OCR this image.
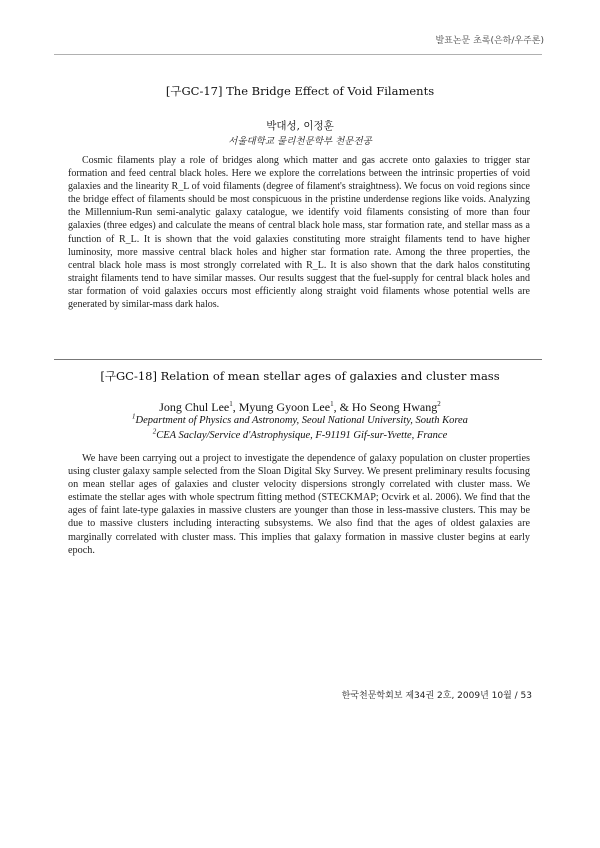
발표논문 초록(은하/우주론)
[구GC-17] The Bridge Effect of Void Filaments
박대성, 이정훈
서울대학교 물리천문학부 천문전공

Cosmic filaments play a role of bridges along which matter and gas accrete onto galaxies to trigger star formation and feed central black holes. Here we explore the correlations between the intrinsic properties of void galaxies and the linearity R_L of void filaments (degree of filament's straightness). We focus on void regions since the bridge effect of filaments should be most conspicuous in the pristine underdense regions like voids. Analyzing the Millennium-Run semi-analytic galaxy catalogue, we identify void filaments consisting of more than four galaxies (three edges) and calculate the means of central black hole mass, star formation rate, and stellar mass as a function of R_L. It is shown that the void galaxies constituting more straight filaments tend to have higher luminosity, more massive central black holes and higher star formation rate. Among the three properties, the central black hole mass is most strongly correlated with R_L. It is also shown that the dark halos constituting straight filaments tend to have similar masses. Our results suggest that the fuel-supply for central black holes and star formation of void galaxies occurs most efficiently along straight void filaments whose potential wells are generated by similar-mass dark halos.

[구GC-18] Relation of mean stellar ages of galaxies and cluster mass
Jong Chul Lee$^1$, Myung Gyoon Lee$^1$, & Ho Seong Hwang$^2$
$^1$Department of Physics and Astronomy, Seoul National University, South Korea
$^2$CEA Saclay/Service d'Astrophysique, F-91191 Gif-sur-Yvette, France

We have been carrying out a project to investigate the dependence of galaxy population on cluster properties using cluster galaxy sample selected from the Sloan Digital Sky Survey. We present preliminary results focusing on mean stellar ages of galaxies and cluster velocity dispersions strongly correlated with cluster mass. We estimate the stellar ages with whole spectrum fitting method (STECKMAP; Ocvirk et al. 2006). We find that the ages of faint late-type galaxies in massive clusters are younger than those in less-massive clusters. This may be due to massive clusters including interacting subsystems. We also find that the ages of oldest galaxies are marginally correlated with cluster mass. This implies that galaxy formation in massive cluster begins at early epoch.

한국천문학회보 제34권 2호, 2009년 10월 / 53
